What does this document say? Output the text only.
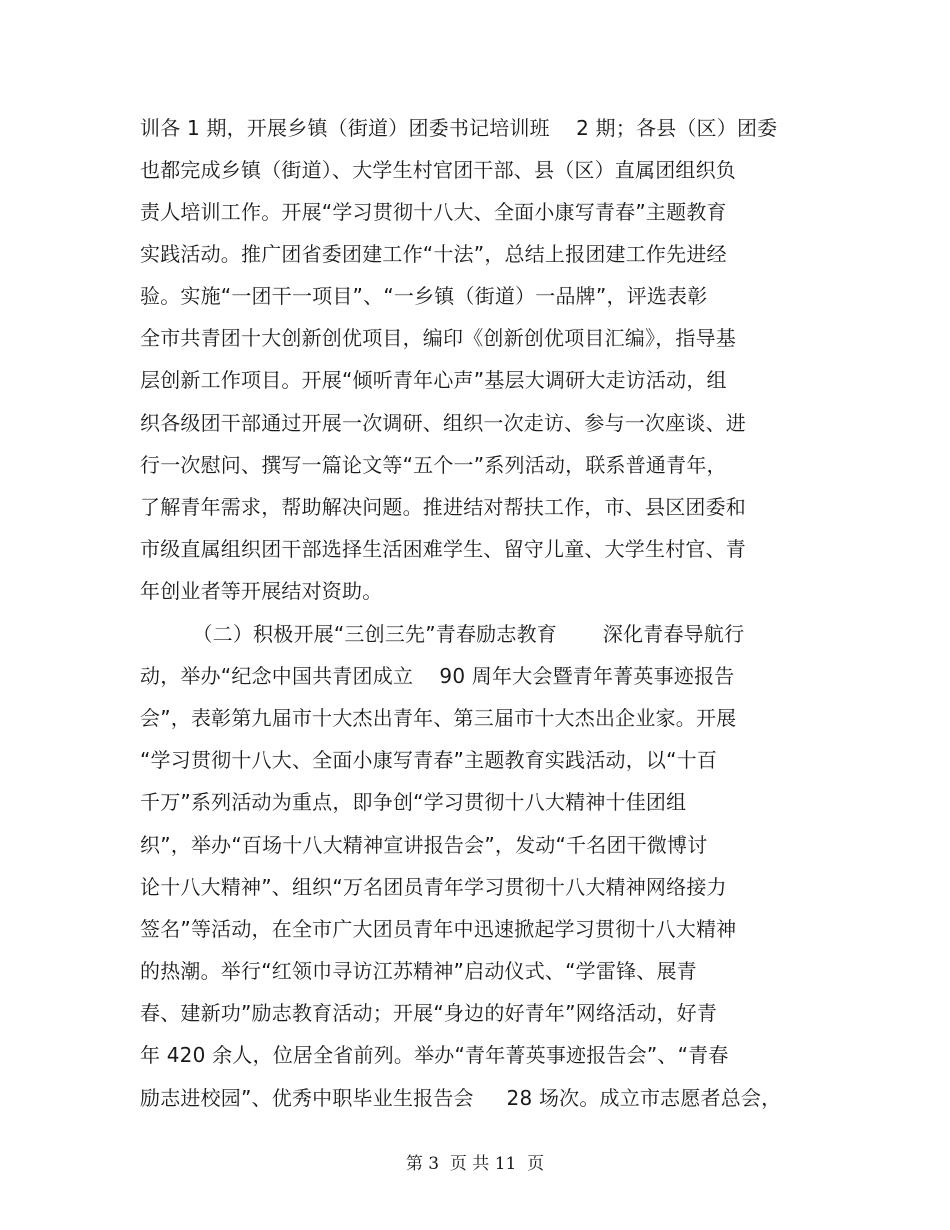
训各 1 期，开展乡镇（街道）团委书记培训班    2 期；各县（区）团委
也都完成乡镇（街道）、大学生村官团干部、县（区）直属团组织负
责人培训工作。开展“学习贯彻十八大、全面小康写青春”主题教育
实践活动。推广团省委团建工作“十法”，总结上报团建工作先进经
验。实施“一团干一项目”、“一乡镇（街道）一品牌”，评选表彰
全市共青团十大创新创优项目，编印《创新创优项目汇编》，指导基
层创新工作项目。开展“倾听青年心声”基层大调研大走访活动，组
织各级团干部通过开展一次调研、组织一次走访、参与一次座谈、进
行一次慰问、撰写一篇论文等“五个一”系列活动，联系普通青年，
了解青年需求，帮助解决问题。推进结对帮扶工作，市、县区团委和
市级直属组织团干部选择生活困难学生、留守儿童、大学生村官、青
年创业者等开展结对资助。
（二）积极开展“三创三先”青春励志教育       深化青春导航行
动，举办“纪念中国共青团成立    90 周年大会暨青年菁英事迹报告
会”，表彰第九届市十大杰出青年、第三届市十大杰出企业家。开展
“学习贯彻十八大、全面小康写青春”主题教育实践活动，以“十百
千万”系列活动为重点，即争创“学习贯彻十八大精神十佳团组
织”，举办“百场十八大精神宣讲报告会”，发动“千名团干微博讨
论十八大精神”、组织“万名团员青年学习贯彻十八大精神网络接力
签名”等活动，在全市广大团员青年中迅速掀起学习贯彻十八大精神
的热潮。举行“红领巾寻访江苏精神”启动仪式、“学雷锋、展青
春、建新功”励志教育活动；开展“身边的好青年”网络活动，好青
年 420 余人，位居全省前列。举办“青年菁英事迹报告会”、“青春
励志进校园”、优秀中职毕业生报告会     28 场次。成立市志愿者总会，
第 3  页 共 11  页
